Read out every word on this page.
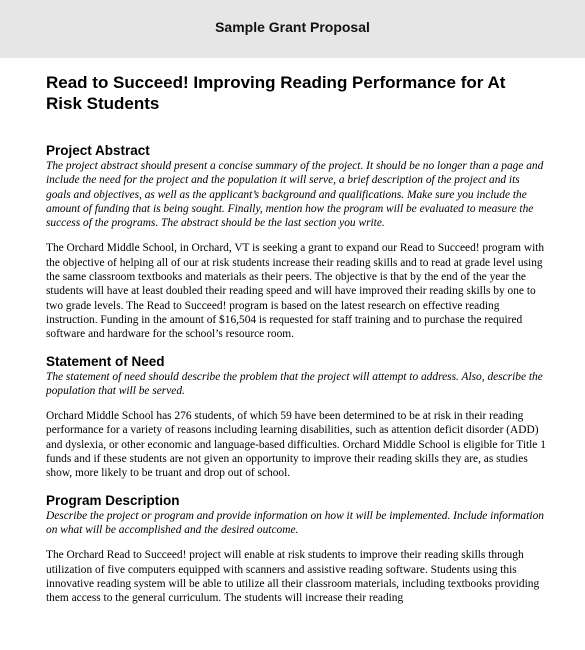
Sample Grant Proposal
Read to Succeed! Improving Reading Performance for At Risk Students
Project Abstract

The project abstract should present a concise summary of the project. It should be no longer than a page and include the need for the project and the population it will serve, a brief description of the project and its goals and objectives, as well as the applicant’s background and qualifications. Make sure you include the amount of funding that is being sought. Finally, mention how the program will be evaluated to measure the success of the programs. The abstract should be the last section you write.

The Orchard Middle School, in Orchard, VT is seeking a grant to expand our Read to Succeed! program with the objective of helping all of our at risk students increase their reading skills and to read at grade level using the same classroom textbooks and materials as their peers. The objective is that by the end of the year the students will have at least doubled their reading speed and will have improved their reading skills by one to two grade levels. The Read to Succeed! program is based on the latest research on effective reading instruction. Funding in the amount of $16,504 is requested for staff training and to purchase the required software and hardware for the school’s resource room.

Statement of Need

The statement of need should describe the problem that the project will attempt to address. Also, describe the population that will be served.

Orchard Middle School has 276 students, of which 59 have been determined to be at risk in their reading performance for a variety of reasons including learning disabilities, such as attention deficit disorder (ADD) and dyslexia, or other economic and language-based difficulties. Orchard Middle School is eligible for Title 1 funds and if these students are not given an opportunity to improve their reading skills they are, as studies show, more likely to be truant and drop out of school.

Program Description

Describe the project or program and provide information on how it will be implemented. Include information on what will be accomplished and the desired outcome.

The Orchard Read to Succeed! project will enable at risk students to improve their reading skills through utilization of five computers equipped with scanners and assistive reading software. Students using this innovative reading system will be able to utilize all their classroom materials, including textbooks providing them access to the general curriculum. The students will increase their reading
